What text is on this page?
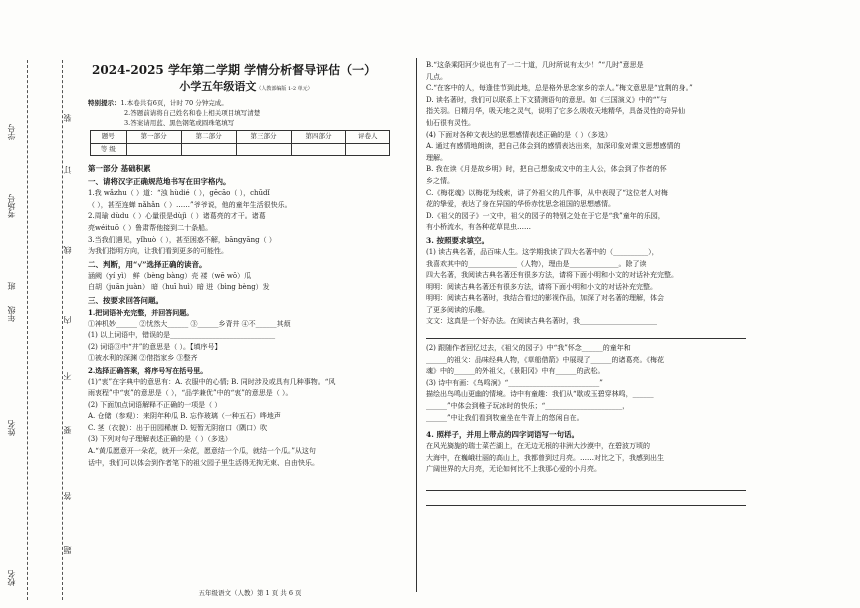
学号
考场号
班
年级
姓名
校名
装
订
线
内
不
要
答
题
2024-2025 学年第二学期 学情分析督导评估（一）
小学五年级语文（人教部编版 1-2 单元）
特别提示：1.本卷共有6页，计时 70 分钟完成。
2.答题前请将自己姓名和卷上相关项目填写清楚
3.答案请用蓝、黑色钢笔或圆珠笔填写
题号	第一部分	第二部分	第三部分	第四部分	评卷人
等 级					
第一部分 基础积累
一、请将汉字正确规范地书写在田字格内。

1.我 wǎzhu（ ）道：“浊 hùdié（ ），gēcāo（ ），chūdǐ

（ ），甚至连蝉 nǎhǎn（ ）……”爷爷说，他的童年生活很快乐。

2.周瑜 dùdu（ ）心量很是dùjì（ ）诸葛亮的才干。诸葛

亮wéituō（ ）鲁肃帮他接到二十条船。

3.当我们遇见，yǐhuò（ ），甚至困惑不解，bāngyāng（ ）

为我们指明方向，让我们看到更多的可能性。

二、判断，用“√”选择正确的读音。

涵阙（yí yì） 鲜（bèng bàng）壳 褛（wē wō）瓜

白胡（juān juàn） 暗（huī huì）暗 迸（bìng bèng）发

三、按要求回答问题。

1.把词语补充完整，并回答问题。

①神机妙______ ②忧然大______ ③______乡背井 ④不______其烦

(1) 以上词语中，错误的是______________________________

(2) 词语③中“井”的意思是（ ）。【填序号】

①被水利的深渊 ②借指家乡 ③整齐

2.选择正确答案，将序号写在括号里。

(1)“衷”在字典中的意思有：A. 衣服中的心情; B. 同时涉及或具有几种事物。“风

雨衷程”中“衷”的意思是（ ），“品学兼优”中的“衷”的意思是（ ）。

(2) 下面加点词语解释不正确的一项是（ ）

A. 仓储（参观）：来阴年种瓜 B. 忘作玻璃（一种五石）哗地声

C. 茎（衣貌）：出于田园稀康 D. 短暂无阴宿口（隅口）吹

(3) 下列对句子理解表述正确的是（ ）（多选）

A.“黄瓜愿意开一朵花，就开一朵花，愿意结一个瓜，就结一个瓜。”从这句

话中，我们可以体会到作者笔下的祖父园子里生活得无拘无束、自由快乐。

五年级语文（人教）第 1 页 共 6 页

B.“这条乘阳河少说也有了一二十道，几时所说有太少！”“几时”意思是

几点。

C.“在客中的人，每逢佳节到此地，总是格外思念家乡的亲人。”梅文意思是“宜荆的身。”

D. 读名著时，我们可以联系上下文猜测语句的意思。如《三国演义》中的“”与

指关羽。日精月华，吸天地之灵气，说明了它多么吸收天地精华，具备灵性的奇异仙

仙石很有灵性。

(4) 下面对各种文表达的思想感情表述正确的是（ ）（多选）

A. 通过有感情地朗读，把自己体会到的感情表达出来，加深印象对课文思想感情的

理解。

B. 我在读《月是故乡明》时，把自己想象成文中的主人公，体会到了作者的怀

乡之情。

C.《梅花魂》以梅花为线索，讲了外祖父的几件事，从中表现了“这位老人对梅

花的挚爱，表达了身在异国的华侨赤忱思念祖国的思想感情。

D.《祖父的园子》一文中，祖父的园子的特别之处在于它是“我”童年的乐园，

有小桥流水，有各种花草昆虫……

3. 按照要求填空。

(1) 读古典名著，品百味人生。这学期我读了四大名著中的（__________），

我喜欢其中的______________（人物），理由是______________。除了读

四大名著，我阅读古典名著还有很多方法，请将下面小明和小文的对话补充完整。

明明：阅读古典名著还有很多方法，请将下面小明和小文的对话补充完整。

明明：阅读古典名著时，我结合看过的影视作品，加深了对名著的理解，体会

了更多阅读的乐趣。

文文：这真是一个好办法。在阅读古典名著时，我______________________

(2) 跟随作者回忆过去，《祖父的园子》中“我”怀念______的童年和

______的祖父：品味经典人物，《草船借箭》中展现了______的诸葛亮。《梅花

魂》中的______的外祖父，《景阳冈》中有______的武松。

(3) 诗中有画：《鸟鸣涧》“__________________________”

描绘出鸟鸣山更幽的情境。诗中有童趣：我们从“歇或玉碧穿林鸣，______

______”中体会到稚子玩冰时的快乐；“______________________，

______”中让我们看到牧童坐在牛背上的悠闲自在。

4. 照样子，并用上带点的四字词语写一句话。

在风光旖旎的瑞士菜芒湖上，在无边无根的非洲大沙漠中，在碧波万顷的

大海中，在巍峨壮丽的高山上，我都曾到过月亮。……对比之下，我感到出生

广阔世界的大月亮，无论如何比不上我那心爱的小月亮。
